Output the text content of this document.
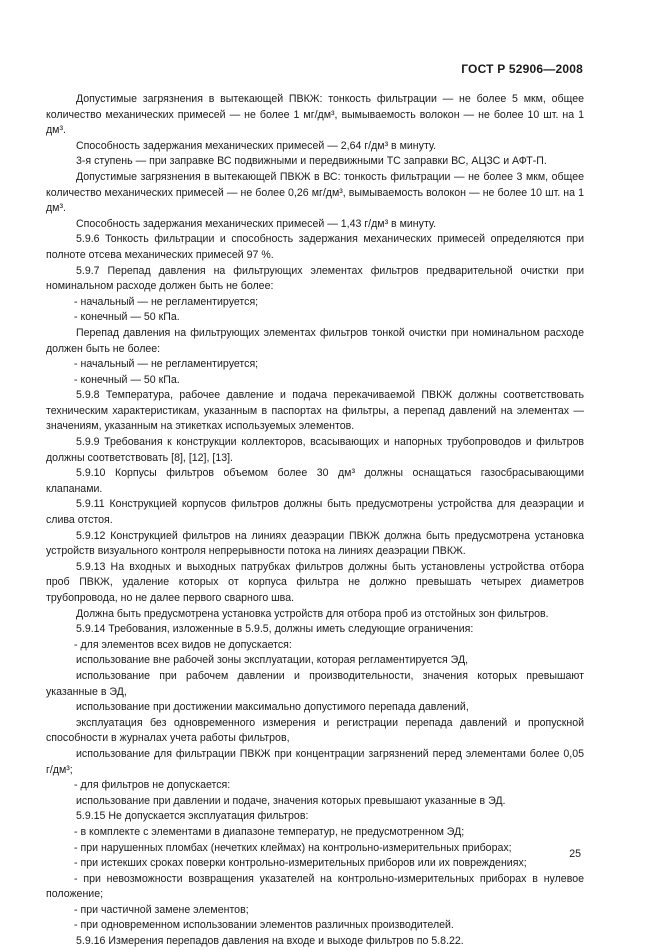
ГОСТ Р 52906—2008

Допустимые загрязнения в вытекающей ПВКЖ: тонкость фильтрации — не более 5 мкм, общее количество механических примесей — не более 1 мг/дм³, вымываемость волокон — не более 10 шт. на 1 дм³.

Способность задержания механических примесей — 2,64 г/дм³ в минуту.

3-я ступень — при заправке ВС подвижными и передвижными ТС заправки ВС, АЦЗС и АФТ-П.

Допустимые загрязнения в вытекающей ПВКЖ в ВС: тонкость фильтрации — не более 3 мкм, общее количество механических примесей — не более 0,26 мг/дм³, вымываемость волокон — не более 10 шт. на 1 дм³.

Способность задержания механических примесей — 1,43 г/дм³ в минуту.

5.9.6 Тонкость фильтрации и способность задержания механических примесей определяются при полноте отсева механических примесей 97 %.

5.9.7 Перепад давления на фильтрующих элементах фильтров предварительной очистки при номинальном расходе должен быть не более:

- начальный — не регламентируется;

- конечный — 50 кПа.

Перепад давления на фильтрующих элементах фильтров тонкой очистки при номинальном расходе должен быть не более:

- начальный — не регламентируется;

- конечный — 50 кПа.

5.9.8 Температура, рабочее давление и подача перекачиваемой ПВКЖ должны соответствовать техническим характеристикам, указанным в паспортах на фильтры, а перепад давлений на элементах — значениям, указанным на этикетках используемых элементов.

5.9.9 Требования к конструкции коллекторов, всасывающих и напорных трубопроводов и фильтров должны соответствовать [8], [12], [13].

5.9.10 Корпусы фильтров объемом более 30 дм³ должны оснащаться газосбрасывающими клапанами.

5.9.11 Конструкцией корпусов фильтров должны быть предусмотрены устройства для деаэрации и слива отстоя.

5.9.12 Конструкцией фильтров на линиях деаэрации ПВКЖ должна быть предусмотрена установка устройств визуального контроля непрерывности потока на линиях деаэрации ПВКЖ.

5.9.13 На входных и выходных патрубках фильтров должны быть установлены устройства отбора проб ПВКЖ, удаление которых от корпуса фильтра не должно превышать четырех диаметров трубопровода, но не далее первого сварного шва.

Должна быть предусмотрена установка устройств для отбора проб из отстойных зон фильтров.

5.9.14 Требования, изложенные в 5.9.5, должны иметь следующие ограничения:

- для элементов всех видов не допускается:

использование вне рабочей зоны эксплуатации, которая регламентируется ЭД,

использование при рабочем давлении и производительности, значения которых превышают указанные в ЭД,

использование при достижении максимально допустимого перепада давлений,

эксплуатация без одновременного измерения и регистрации перепада давлений и пропускной способности в журналах учета работы фильтров,

использование для фильтрации ПВКЖ при концентрации загрязнений перед элементами более 0,05 г/дм³;

- для фильтров не допускается:

использование при давлении и подаче, значения которых превышают указанные в ЭД.

5.9.15 Не допускается эксплуатация фильтров:

- в комплекте с элементами в диапазоне температур, не предусмотренном ЭД;

- при нарушенных пломбах (нечетких клеймах) на контрольно-измерительных приборах;

- при истекших сроках поверки контрольно-измерительных приборов или их повреждениях;

- при невозможности возвращения указателей на контрольно-измерительных приборах в нулевое положение;

- при частичной замене элементов;

- при одновременном использовании элементов различных производителей.

5.9.16 Измерения перепадов давления на входе и выходе фильтров по 5.8.22.

25
